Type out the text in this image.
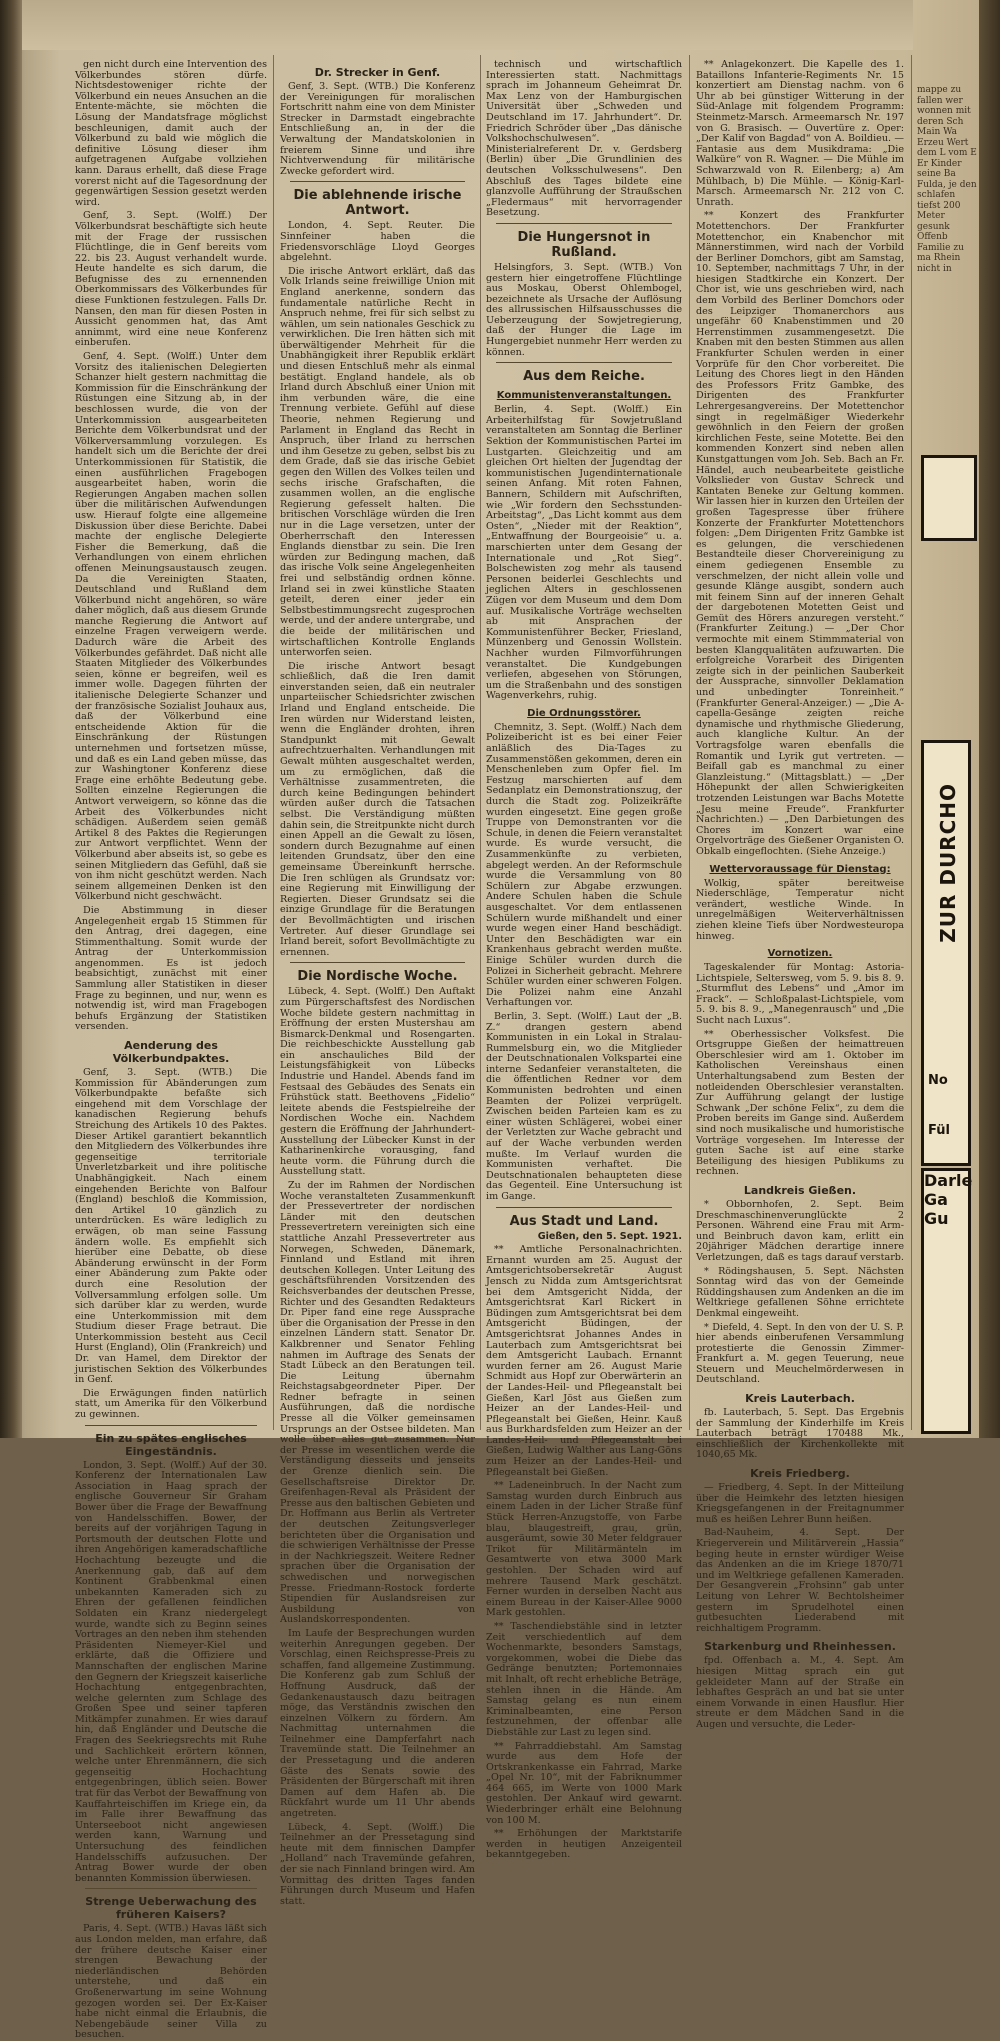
gen nicht durch eine Intervention des Völkerbundes stören dürfe. Nichtsdestoweniger richte der Völkerbund ein neues Ansuchen an die Entente-mächte, sie möchten die Lösung der Mandatsfrage möglichst beschleunigen, damit auch der Völkerbund zu bald wie möglich die definitive Lösung dieser ihm aufgetragenen Aufgabe vollziehen kann. Daraus erhellt, daß diese Frage vorerst nicht auf die Tagesordnung der gegenwärtigen Session gesetzt werden wird.

Genf, 3. Sept. (Wolff.) Der Völkerbundsrat beschäftigte sich heute mit der Frage der russischen Flüchtlinge, die in Genf bereits vom 22. bis 23. August verhandelt wurde. Heute handelte es sich darum, die Befugnisse des zu ernennenden Oberkommissars des Völkerbundes für diese Funktionen festzulegen. Falls Dr. Nansen, den man für diesen Posten in Aussicht genommen hat, das Amt annimmt, wird eine neue Konferenz einberufen.

Genf, 4. Sept. (Wolff.) Unter dem Vorsitz des italienischen Delegierten Schanzer hielt gestern nachmittag die Kommission für die Einschränkung der Rüstungen eine Sitzung ab, in der beschlossen wurde, die von der Unterkommission ausgearbeiteten Berichte dem Völkerbundsrat und der Völkerversammlung vorzulegen. Es handelt sich um die Berichte der drei Unterkommissionen für Statistik, die einen ausführlichen Fragebogen ausgearbeitet haben, worin die Regierungen Angaben machen sollen über die militärischen Aufwendungen usw. Hierauf folgte eine allgemeine Diskussion über diese Berichte. Dabei machte der englische Delegierte Fisher die Bemerkung, daß die Verhandlungen von einem ehrlichen offenen Meinungsaustausch zeugen. Da die Vereinigten Staaten, Deutschland und Rußland dem Völkerbund nicht angehören, so wäre daher möglich, daß aus diesem Grunde manche Regierung die Antwort auf einzelne Fragen verweigern werde. Dadurch wäre die Arbeit des Völkerbundes gefährdet. Daß nicht alle Staaten Mitglieder des Völkerbundes seien, könne er begreifen, weil es immer wolle. Dagegen führten der italienische Delegierte Schanzer und der französische Sozialist Jouhaux aus, daß der Völkerbund eine entscheidende Aktion für die Einschränkung der Rüstungen unternehmen und fortsetzen müsse, und daß es ein Land geben müsse, das zur Washingtoner Konferenz diese Frage eine erhöhte Bedeutung gebe. Sollten einzelne Regierungen die Antwort verweigern, so könne das die Arbeit des Völkerbundes nicht schädigen. Außerdem seien gemäß Artikel 8 des Paktes die Regierungen zur Antwort verpflichtet. Wenn der Völkerbund aber abseits ist, so gebe es seinen Mitgliedern das Gefühl, daß sie von ihm nicht geschützt werden. Nach seinem allgemeinen Denken ist den Völkerbund nicht geschwächt.

Die Abstimmung in dieser Angelegenheit ergab 15 Stimmen für den Antrag, drei dagegen, eine Stimmenthaltung. Somit wurde der Antrag der Unterkommission angenommen. Es ist jedoch beabsichtigt, zunächst mit einer Sammlung aller Statistiken in dieser Frage zu beginnen, und nur, wenn es notwendig ist, wird man Fragebogen behufs Ergänzung der Statistiken versenden.

Aenderung des Völkerbundpaktes.

Genf, 3. Sept. (WTB.) Die Kommission für Abänderungen zum Völkerbundpakte befaßte sich eingehend mit dem Vorschlage der kanadischen Regierung behufs Streichung des Artikels 10 des Paktes. Dieser Artikel garantiert bekanntlich den Mitgliedern des Völkerbundes ihre gegenseitige territoriale Unverletzbarkeit und ihre politische Unabhängigkeit. Nach einem eingehenden Berichte von Balfour (England) beschloß die Kommission, den Artikel 10 gänzlich zu unterdrücken. Es wäre lediglich zu erwägen, ob man seine Fassung ändern wolle. Es empfiehlt sich hierüber eine Debatte, ob diese Abänderung erwünscht in der Form einer Abänderung zum Pakte oder durch eine Resolution der Vollversammlung erfolgen solle. Um sich darüber klar zu werden, wurde eine Unterkommission mit dem Studium dieser Frage betraut. Die Unterkommission besteht aus Cecil Hurst (England), Olin (Frankreich) und Dr. van Hamel, dem Direktor der juristischen Sektion des Völkerbundes in Genf.

Die Erwägungen finden natürlich statt, um Amerika für den Völkerbund zu gewinnen.

Ein zu spätes englisches Eingeständnis.

London, 3. Sept. (Wolff.) Auf der 30. Konferenz der Internationalen Law Association in Haag sprach der englische Gouverneur Sir Graham Bower über die Frage der Bewaffnung von Handelsschiffen. Bower, der bereits auf der vorjährigen Tagung in Portsmouth der deutschen Flotte und ihren Angehörigen kameradschaftliche Hochachtung bezeugte und die Anerkennung gab, daß auf dem Kontinent Grabbenkmal einen unbekannten Kameraden sich zu Ehren der gefallenen feindlichen Soldaten ein Kranz niedergelegt wurde, wandte sich zu Beginn seines Vortrages an den neben ihm stehenden Präsidenten Niemeyer-Kiel und erklärte, daß die Offiziere und Mannschaften der englischen Marine den Gegnern der Kriegszeit kaiserliche Hochachtung entgegenbrachten, welche gelernten zum Schlage des Großen Spee und seiner tapferen Mitkämpfer zunahmen. Er wies darauf hin, daß Engländer und Deutsche die Fragen des Seekriegsrechts mit Ruhe und Sachlichkeit erörtern können, welche unter Ehrenmännern, die sich gegenseitig Hochachtung entgegenbringen, üblich seien. Bower trat für das Verbot der Bewaffnung von Kauffahrteischiffen im Kriege ein, da im Falle ihrer Bewaffnung das Unterseeboot nicht angewiesen werden kann, Warnung und Untersuchung des feindlichen Handelsschiffs aufzusuchen. Der Antrag Bower wurde der oben benannten Kommission überwiesen.

Strenge Ueberwachung des früheren Kaisers?

Paris, 4. Sept. (WTB.) Havas läßt sich aus London melden, man erfahre, daß der frühere deutsche Kaiser einer strengen Bewachung der niederländischen Behörden unterstehe, und daß ein Großenerwartung im seine Wohnung gezogen worden sei. Der Ex-Kaiser habe nicht einmal die Erlaubnis, die Nebengebäude seiner Villa zu besuchen.

Dr. Strecker in Genf.

Genf, 3. Sept. (WTB.) Die Konferenz der Vereinigungen für moralischen Fortschritt nahm eine von dem Minister Strecker in Darmstadt eingebrachte Entschließung an, in der die Verwaltung der Mandatskolonien in freierem Sinne und ihre Nichtverwendung für militärische Zwecke gefordert wird.

Die ablehnende irische Antwort.

London, 4. Sept. Reuter. Die Sinnfeiner haben die Friedensvorschläge Lloyd Georges abgelehnt.

Die irische Antwort erklärt, daß das Volk Irlands seine freiwillige Union mit England anerkenne, sondern das fundamentale natürliche Recht in Anspruch nehme, frei für sich selbst zu wählen, um sein nationales Geschick zu verwirklichen. Die Iren hätten sich mit überwältigender Mehrheit für die Unabhängigkeit ihrer Republik erklärt und diesen Entschluß mehr als einmal bestätigt. England handele, als ob Irland durch Abschluß einer Union mit ihm verbunden wäre, die eine Trennung verbiete. Gefühl auf diese Theorie, nehmen Regierung und Parlament in England das Recht in Anspruch, über Irland zu herrschen und ihm Gesetze zu geben, selbst bis zu dem Grade, daß sie das irische Gebiet gegen den Willen des Volkes teilen und sechs irische Grafschaften, die zusammen wollen, an die englische Regierung gefesselt halten. Die britischen Vorschläge würden die Iren nur in die Lage versetzen, unter der Oberherrschaft den Interessen Englands dienstbar zu sein. Die Iren würden zur Bedingung machen, daß das irische Volk seine Angelegenheiten frei und selbständig ordnen könne. Irland sei in zwei künstliche Staaten geteilt, deren einer jeder ein Selbstbestimmungsrecht zugesprochen werde, und der andere untergrabe, und die beide der militärischen und wirtschaftlichen Kontrolle Englands unterworfen seien.

Die irische Antwort besagt schließlich, daß die Iren damit einverstanden seien, daß ein neutraler unparteiischer Schiedsrichter zwischen Irland und England entscheide. Die Iren würden nur Widerstand leisten, wenn die Engländer drohten, ihren Standpunkt mit Gewalt aufrechtzuerhalten. Verhandlungen mit Gewalt mühten ausgeschaltet werden, um zu ermöglichen, daß die Verhältnisse zusammentreten, die durch keine Bedingungen behindert würden außer durch die Tatsachen selbst. Die Verständigung müßten dahin sein, die Streitpunkte nicht durch einen Appell an die Gewalt zu lösen, sondern durch Bezugnahme auf einen leitenden Grundsatz, über den eine gemeinsame Übereinkunft herrsche. Die Iren schlügen als Grundsatz vor: eine Regierung mit Einwilligung der Regierten. Dieser Grundsatz sei die einzige Grundlage für die Beratungen der Bevollmächtigten und irischen Vertreter. Auf dieser Grundlage sei Irland bereit, sofort Bevollmächtigte zu ernennen.

Die Nordische Woche.

Lübeck, 4. Sept. (Wolff.) Den Auftakt zum Pürgerschaftsfest des Nordischen Woche bildete gestern nachmittag in Eröffnung der ersten Mustershau am Bismarck-Denkmal und Rosengarten. Die reichbeschickte Ausstellung gab ein anschauliches Bild der Leistungsfähigkeit von Lübecks Industrie und Handel. Abends fand im Festsaal des Gebäudes des Senats ein Frühstück statt. Beethovens „Fidelio“ leitete abends die Festspielreihe der Nordischen Woche ein. Nachdem gestern die Eröffnung der Jahrhundert-Ausstellung der Lübecker Kunst in der Katharinenkirche vorausging, fand heute vorm. die Führung durch die Ausstellung statt.

Zu der im Rahmen der Nordischen Woche veranstalteten Zusammenkunft der Pressevertreter der nordischen Länder mit den deutschen Pressevertretern vereinigten sich eine stattliche Anzahl Pressevertreter aus Norwegen, Schweden, Dänemark, Finnland und Estland mit ihren deutschen Kollegen. Unter Leitung des geschäftsführenden Vorsitzenden des Reichsverbandes der deutschen Presse, Richter und des Gesandten Redakteurs Dr. Piper fand eine rege Aussprache über die Organisation der Presse in den einzelnen Ländern statt. Senator Dr. Kalkbrenner und Senator Fehling nahmen im Auftrage des Senats der Stadt Lübeck an den Beratungen teil. Die Leitung übernahm Reichstagsabgeordneter Piper. Der Redner befragte in seinen Ausführungen, daß die nordische Presse all die Völker gemeinsamen Ursprungs an der Ostsee bildeten. Man wolle über alles gut zusammen. Nur der Presse im wesentlichen werde die Verständigung diesseits und jenseits der Grenze dienlich sein. Die Gesellschaftsreise Direktor Dr. Greifenhagen-Reval als Präsident der Presse aus den baltischen Gebieten und Dr. Hoffmann aus Berlin als Vertreter der deutschen Zeitungsverleger berichteten über die Organisation und die schwierigen Verhältnisse der Presse in der Nachkriegszeit. Weitere Redner sprachen über die Organisation der schwedischen und norwegischen Presse. Friedmann-Rostock forderte Stipendien für Auslandsreisen zur Ausbildung von Auslandskorrespondenten.

Im Laufe der Besprechungen wurden weiterhin Anregungen gegeben. Der Vorschlag, einen Reichspresse-Preis zu schaffen, fand allgemeine Zustimmung. Die Konferenz gab zum Schluß der Hoffnung Ausdruck, daß der Gedankenaustausch dazu beitragen möge, das Verständnis zwischen den einzelnen Völkern zu fördern. Am Nachmittag unternahmen die Teilnehmer eine Dampferfahrt nach Travemünde statt. Die Teilnehmer an der Pressetagung und die anderen Gäste des Senats sowie des Präsidenten der Bürgerschaft mit ihren Damen auf dem Hafen ab. Die Rückfahrt wurde um 11 Uhr abends angetreten.

Lübeck, 4. Sept. (Wolff.) Die Teilnehmer an der Pressetagung sind heute mit dem finnischen Dampfer „Holland“ nach Travemünde gefahren, der sie nach Finnland bringen wird. Am Vormittag des dritten Tages fanden Führungen durch Museum und Hafen statt.

technisch und wirtschaftlich Interessierten statt. Nachmittags sprach im Johanneum Geheimrat Dr. Max Lenz von der Hamburgischen Universität über „Schweden und Deutschland im 17. Jahrhundert“. Dr. Friedrich Schröder über „Das dänische Volkshochschulwesen“. Ministerialreferent Dr. v. Gerdsberg (Berlin) über „Die Grundlinien des deutschen Volksschulwesens“. Den Abschluß des Tages bildete eine glanzvolle Aufführung der Straußschen „Fledermaus“ mit hervorragender Besetzung.

Die Hungersnot in Rußland.

Helsingfors, 3. Sept. (WTB.) Von gestern hier eingetroffene Flüchtlinge aus Moskau, Oberst Ohlembogel, bezeichnete als Ursache der Auflösung des allrussischen Hilfsausschusses die Ueberzeugung der Sowjetregierung, daß der Hunger die Lage im Hungergebiet nunmehr Herr werden zu können.

Aus dem Reiche.
Kommunistenveranstaltungen.

Berlin, 4. Sept. (Wolff.) Ein Arbeiterhilfstag für Sowjetrußland veranstalteten am Sonntag die Berliner Sektion der Kommunistischen Partei im Lustgarten. Gleichzeitig und am gleichen Ort hielten der Jugendtag der kommunistischen Jugendinternationale seinen Anfang. Mit roten Fahnen, Bannern, Schildern mit Aufschriften, wie „Wir fordern den Sechsstunden-Arbeitstag“, „Das Licht kommt aus dem Osten“, „Nieder mit der Reaktion“, „Entwaffnung der Bourgeoisie“ u. a. marschierten unter dem Gesang der Internationale und „Rot Sieg“. Bolschewisten zog mehr als tausend Personen beiderlei Geschlechts und jeglichen Alters in geschlossenen Zügen vor dem Museum und dem Dom auf. Musikalische Vorträge wechselten ab mit Ansprachen der Kommunistenführer Becker, Friesland, Münzenberg und Genossin Wollstein. Nachher wurden Filmvorführungen veranstaltet. Die Kundgebungen verliefen, abgesehen von Störungen, um die Straßenbahn und des sonstigen Wagenverkehrs, ruhig.

Die Ordnungsstörer.

Chemnitz, 3. Sept. (Wolff.) Nach dem Polizeibericht ist es bei einer Feier anläßlich des Dia-Tages zu Zusammenstößen gekommen, deren ein Menschenleben zum Opfer fiel. Im Festzug marschierten auf dem Sedanplatz ein Demonstrationszug, der durch die Stadt zog. Polizeikräfte wurden eingesetzt. Eine gegen große Truppe von Demonstranten vor die Schule, in denen die Feiern veranstaltet wurde. Es wurde versucht, die Zusammenkünfte zu verbieten, abgelegt werden. An der Reformschule wurde die Versammlung von 80 Schülern zur Abgabe erzwungen. Andere Schulen haben die Schule ausgeschaltet. Vor dem entlassenen Schülern wurde mißhandelt und einer wurde wegen einer Hand beschädigt. Unter den Beschädigten war ein Krankenhaus gebracht werden mußte. Einige Schüler wurden durch die Polizei in Sicherheit gebracht. Mehrere Schüler wurden einer schweren Folgen. Die Polizei nahm eine Anzahl Verhaftungen vor.

Berlin, 3. Sept. (Wolff.) Laut der „B. Z.“ drangen gestern abend Kommunisten in ein Lokal in Stralau-Rummelsburg ein, wo die Mitglieder der Deutschnationalen Volkspartei eine interne Sedanfeier veranstalteten, die die öffentlichen Redner vor dem Kommunisten bedrohten und einen Beamten der Polizei verprügelt. Zwischen beiden Parteien kam es zu einer wüsten Schlägerei, wobei einer der Verletzten zur Wache gebracht und auf der Wache verbunden werden mußte. Im Verlauf wurden die Kommunisten verhaftet. Die Deutschnationalen behaupteten diese das Gegenteil. Eine Untersuchung ist im Gange.

Aus Stadt und Land.
Gießen, den 5. Sept. 1921.

** Amtliche Personalnachrichten. Ernannt wurden am 25. August der Amtsgerichtsobersekretär August Jensch zu Nidda zum Amtsgerichtsrat bei dem Amtsgericht Nidda, der Amtsgerichtsrat Karl Rickert in Büdingen zum Amtsgerichtsrat bei dem Amtsgericht Büdingen, der Amtsgerichtsrat Johannes Andes in Lauterbach zum Amtsgerichtsrat bei dem Amtsgericht Laubach. Ernannt wurden ferner am 26. August Marie Schmidt aus Hopf zur Oberwärterin an der Landes-Heil- und Pflegeanstalt bei Gießen, Karl Jöst aus Gießen zum Heizer an der Landes-Heil- und Pflegeanstalt bei Gießen, Heinr. Kauß aus Burkhardsfelden zum Heizer an der Landes-Heil- und Pflegeanstalt bei Gießen, Ludwig Walther aus Lang-Göns zum Heizer an der Landes-Heil- und Pflegeanstalt bei Gießen.

** Ladeneinbruch. In der Nacht zum Samstag wurden durch Einbruch aus einem Laden in der Licher Straße fünf Stück Herren-Anzugstoffe, von Farbe blau, blaugestreift, grau, grün, ausgeräumt, sowie 30 Meter feldgrauer Trikot für Militärmänteln im Gesamtwerte von etwa 3000 Mark gestohlen. Der Schaden wird auf mehrere Tausend Mark geschätzt. Ferner wurden in derselben Nacht aus einem Bureau in der Kaiser-Allee 9000 Mark gestohlen.

** Taschendiebstähle sind in letzter Zeit verschiedentlich auf dem Wochenmarkte, besonders Samstags, vorgekommen, wobei die Diebe das Gedränge benutzten; Portemonnaies mit Inhalt, oft recht erhebliche Beträge, stehlen ihnen in die Hände. Am Samstag gelang es nun einem Kriminalbeamten, eine Person festzunehmen, der offenbar alle Diebstähle zur Last zu legen sind.

** Fahrraddiebstahl. Am Samstag wurde aus dem Hofe der Ortskrankenkasse ein Fahrrad, Marke „Opel Nr. 10“, mit der Fabriknummer 464 665, im Werte von 1000 Mark gestohlen. Der Ankauf wird gewarnt. Wiederbringer erhält eine Belohnung von 100 M.

** Erhöhungen der Marktstarife werden in heutigen Anzeigenteil bekanntgegeben.

** Anlagekonzert. Die Kapelle des 1. Bataillons Infanterie-Regiments Nr. 15 konzertiert am Dienstag nachm. von 6 Uhr ab bei günstiger Witterung in der Süd-Anlage mit folgendem Programm: Steinmetz-Marsch. Armeemarsch Nr. 197 von G. Brasisch. — Ouvertüre z. Oper: „Der Kalif von Bagdad“ von A. Boildieu. — Fantasie aus dem Musikdrama: „Die Walküre“ von R. Wagner. — Die Mühle im Schwarzwald von R. Eilenberg; a) Am Mühlbach, b) Die Mühle. — König-Karl-Marsch. Armeemarsch Nr. 212 von C. Unrath.

** Konzert des Frankfurter Motettenchors. Der Frankfurter Motettenchor, ein Knabenchor mit Männerstimmen, wird nach der Vorbild der Berliner Domchors, gibt am Samstag, 10. September, nachmittags 7 Uhr, in der hiesigen Stadtkirche ein Konzert. Der Chor ist, wie uns geschrieben wird, nach dem Vorbild des Berliner Domchors oder des Leipziger Thomanerchors aus ungefähr 60 Knabenstimmen und 20 Herrenstimmen zusammengesetzt. Die Knaben mit den besten Stimmen aus allen Frankfurter Schulen werden in einer Vorprüfe für den Chor vorbereitet. Die Leitung des Chores liegt in den Händen des Professors Fritz Gambke, des Dirigenten des Frankfurter Lehrergesangvereins. Der Motettenchor singt in regelmäßiger Wiederkehr gewöhnlich in den Feiern der großen kirchlichen Feste, seine Motette. Bei den kommenden Konzert sind neben allen Kunstgattungen vom Joh. Seb. Bach an Fr. Händel, auch neubearbeitete geistliche Volkslieder von Gustav Schreck und Kantaten Beneke zur Geltung kommen. Wir lassen hier in kurzen den Urteilen der großen Tagespresse über frühere Konzerte der Frankfurter Motettenchors folgen: „Dem Dirigenten Fritz Gambke ist es gelungen, die verschiedenen Bestandteile dieser Chorvereinigung zu einem gediegenen Ensemble zu verschmelzen, der nicht allein volle und gesunde Klänge ausgibt, sondern auch mit feinem Sinn auf der inneren Gehalt der dargebotenen Motetten Geist und Gemüt des Hörers anzuregen versteht.“ (Frankfurter Zeitung.) — „Der Chor vermochte mit einem Stimmmaterial von besten Klangqualitäten aufzuwarten. Die erfolgreiche Vorarbeit des Dirigenten zeigte sich in der peinlichen Sauberkeit der Aussprache, sinnvoller Deklamation und unbedingter Tonreinheit.“ (Frankfurter General-Anzeiger.) — „Die A-capella-Gesänge zeigten reiche dynamische und rhythmische Gliederung, auch klangliche Kultur. An der Vortragsfolge waren ebenfalls die Romantik und Lyrik gut vertreten. — Beifall gab es manchmal zu einer Glanzleistung.“ (Mittagsblatt.) — „Der Höhepunkt der allen Schwierigkeiten trotzenden Leistungen war Bachs Motette „Jesu meine Freude“. Frankfurter Nachrichten.) — „Den Darbietungen des Chores im Konzert war eine Orgelvorträge des Gießener Organisten O. Obkalb eingeflochten. (Siehe Anzeige.)

Wettervoraussage für Dienstag:

Wolkig, später bereitweise Niederschläge, Temperatur nicht verändert, westliche Winde. In unregelmäßigen Weiterverhältnissen ziehen kleine Tiefs über Nordwesteuropa hinweg.

Vornotizen.

Tageskalender für Montag: Astoria-Lichtspiele, Seltersweg, vom 5. 9. bis 8. 9. „Sturmflut des Lebens“ und „Amor im Frack“. — Schloßpalast-Lichtspiele, vom 5. 9. bis 8. 9., „Manegenrausch“ und „Die Sucht nach Luxus“.

** Oberhessischer Volksfest. Die Ortsgruppe Gießen der heimattreuen Oberschlesier wird am 1. Oktober im Katholischen Vereinshaus einen Unterhaltungsabend zum Besten der notleidenden Oberschlesier veranstalten. Zur Aufführung gelangt der lustige Schwank „Der schöne Felix“, zu dem die Proben bereits im Gange sind. Außerdem sind noch musikalische und humoristische Vorträge vorgesehen. Im Interesse der guten Sache ist auf eine starke Beteiligung des hiesigen Publikums zu rechnen.

Landkreis Gießen.

* Obbornhofen, 2. Sept. Beim Dreschmaschinenverunglückte 2 Personen. Während eine Frau mit Arm- und Beinbruch davon kam, erlitt ein 20jähriger Mädchen derartige innere Verletzungen, daß es tags darauf verstarb.

* Rödingshausen, 5. Sept. Nächsten Sonntag wird das von der Gemeinde Rüddingshausen zum Andenken an die im Weltkriege gefallenen Söhne errichtete Denkmal eingeweiht.

* Diefeld, 4. Sept. In den von der U. S. P. hier abends einberufenen Versammlung protestierte die Genossin Zimmer-Frankfurt a. M. gegen Teuerung, neue Steuern und Meuchelmörderwesen in Deutschland.

Kreis Lauterbach.

fb. Lauterbach, 5. Sept. Das Ergebnis der Sammlung der Kinderhilfe im Kreis Lauterbach beträgt 170488 Mk., einschließlich der Kirchenkollekte mit 1040,65 Mk.

Kreis Friedberg.

— Friedberg, 4. Sept. In der Mitteilung über die Heimkehr des letzten hiesigen Kriegsgefangenen in der Freitagnummer muß es heißen Lehrer Bunn heißen.

Bad-Nauheim, 4. Sept. Der Kriegerverein und Militärverein „Hassia“ beging heute in ernster würdiger Weise das Andenken an die im Kriege 1870/71 und im Weltkriege gefallenen Kameraden. Der Gesangverein „Frohsinn“ gab unter Leitung von Lehrer W. Bechtolsheimer gestern im Sprudelhotel einen gutbesuchten Liederabend mit reichhaltigem Programm.

Starkenburg und Rheinhessen.

fpd. Offenbach a. M., 4. Sept. Am hiesigen Mittag sprach ein gut gekleideter Mann auf der Straße ein lebhaftes Gespräch an und bat sie unter einem Vorwande in einen Hausflur. Hier streute er dem Mädchen Sand in die Augen und versuchte, die Leder-

mappe zu fallen wer wonnen mit deren Sch Main Wa Erzeu Wert dem L vom E Er Kinder seine Ba Fulda, je den schlafen tiefst 200 Meter gesunk Offenb Familie zu ma Rhein nicht in
ZUR DURCHO
No
Fül
Darle
Ga
Gu
